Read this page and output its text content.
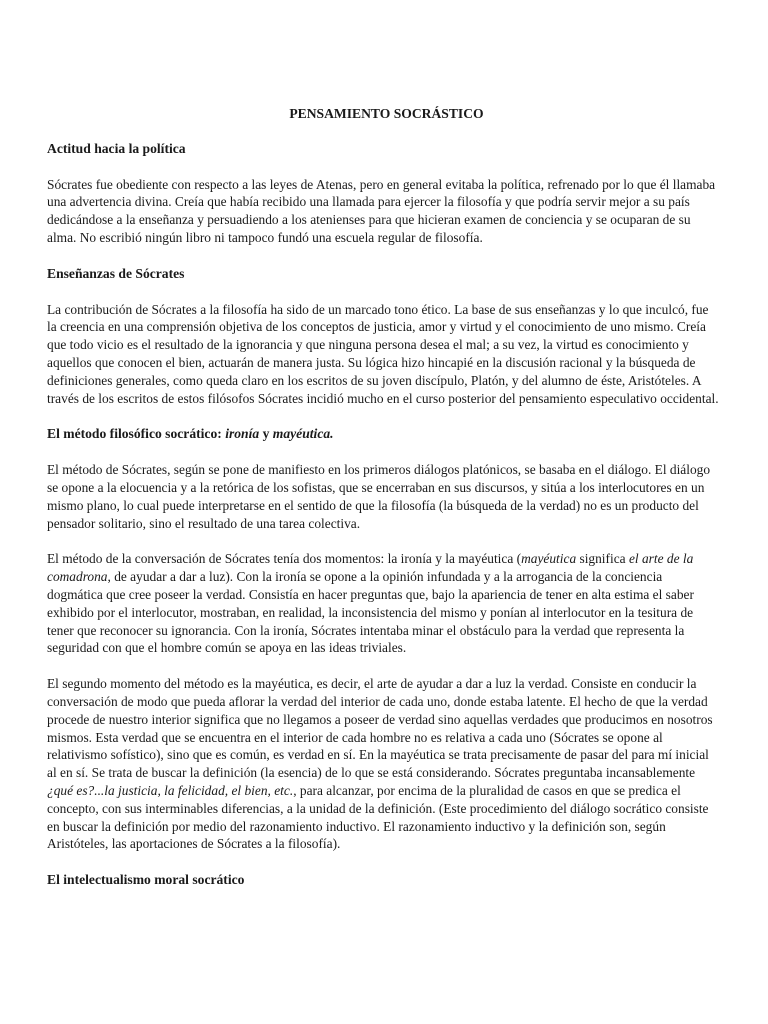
PENSAMIENTO SOCRÁSTICO
Actitud hacia la política

Sócrates fue obediente con respecto a las leyes de Atenas, pero en general evitaba la política, refrenado por lo que él llamaba una advertencia divina. Creía que había recibido una llamada para ejercer la filosofía y que podría servir mejor a su país dedicándose a la enseñanza y persuadiendo a los atenienses para que hicieran examen de conciencia y se ocuparan de su alma. No escribió ningún libro ni tampoco fundó una escuela regular de filosofía.

Enseñanzas de Sócrates

La contribución de Sócrates a la filosofía ha sido de un marcado tono ético. La base de sus enseñanzas y lo que inculcó, fue la creencia en una comprensión objetiva de los conceptos de justicia, amor y virtud y el conocimiento de uno mismo. Creía que todo vicio es el resultado de la ignorancia y que ninguna persona desea el mal; a su vez, la virtud es conocimiento y aquellos que conocen el bien, actuarán de manera justa. Su lógica hizo hincapié en la discusión racional y la búsqueda de definiciones generales, como queda claro en los escritos de su joven discípulo, Platón, y del alumno de éste, Aristóteles. A través de los escritos de estos filósofos Sócrates incidió mucho en el curso posterior del pensamiento especulativo occidental.

El método filosófico socrático: ironía y mayéutica.

El método de Sócrates, según se pone de manifiesto en los primeros diálogos platónicos, se basaba en el diálogo. El diálogo se opone a la elocuencia y a la retórica de los sofistas, que se encerraban en sus discursos, y sitúa a los interlocutores en un mismo plano, lo cual puede interpretarse en el sentido de que la filosofía (la búsqueda de la verdad) no es un producto del pensador solitario, sino el resultado de una tarea colectiva.

El método de la conversación de Sócrates tenía dos momentos: la ironía y la mayéutica (mayéutica significa el arte de la comadrona, de ayudar a dar a luz). Con la ironía se opone a la opinión infundada y a la arrogancia de la conciencia dogmática que cree poseer la verdad. Consistía en hacer preguntas que, bajo la apariencia de tener en alta estima el saber exhibido por el interlocutor, mostraban, en realidad, la inconsistencia del mismo y ponían al interlocutor en la tesitura de tener que reconocer su ignorancia. Con la ironía, Sócrates intentaba minar el obstáculo para la verdad que representa la seguridad con que el hombre común se apoya en las ideas triviales.

El segundo momento del método es la mayéutica, es decir, el arte de ayudar a dar a luz la verdad. Consiste en conducir la conversación de modo que pueda aflorar la verdad del interior de cada uno, donde estaba latente. El hecho de que la verdad procede de nuestro interior significa que no llegamos a poseer de verdad sino aquellas verdades que producimos en nosotros mismos. Esta verdad que se encuentra en el interior de cada hombre no es relativa a cada uno (Sócrates se opone al relativismo sofístico), sino que es común, es verdad en sí. En la mayéutica se trata precisamente de pasar del para mí inicial al en sí. Se trata de buscar la definición (la esencia) de lo que se está considerando. Sócrates preguntaba incansablemente ¿qué es?...la justicia, la felicidad, el bien, etc., para alcanzar, por encima de la pluralidad de casos en que se predica el concepto, con sus interminables diferencias, a la unidad de la definición. (Este procedimiento del diálogo socrático consiste en buscar la definición por medio del razonamiento inductivo. El razonamiento inductivo y la definición son, según Aristóteles, las aportaciones de Sócrates a la filosofía).

El intelectualismo moral socrático
